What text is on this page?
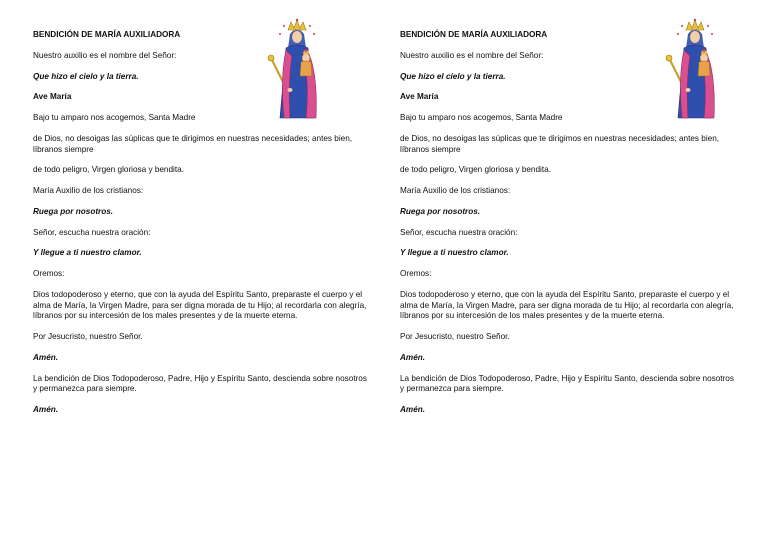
BENDICIÓN DE MARÍA AUXILIADORA

Nuestro auxilio es el nombre del Señor:

Que hizo el cielo y la tierra.

Ave María

Bajo tu amparo nos acogemos, Santa Madre

de Dios, no desoigas las súplicas que te dirigimos en nuestras necesidades; antes bien, líbranos siempre

de todo peligro, Virgen gloriosa y bendita.

María Auxilio de los cristianos:

Ruega por nosotros.

Señor, escucha nuestra oración:

Y llegue a ti nuestro clamor.

Oremos:

Dios todopoderoso y eterno, que con la ayuda del Espíritu Santo, preparaste el cuerpo y el alma de María, la Virgen Madre, para ser digna morada de tu Hijo; al recordarla con alegría, líbranos por su intercesión de los males presentes y de la muerte eterna.

Por Jesucristo, nuestro Señor.

Amén.

La bendición de Dios Todopoderoso, Padre, Hijo y Espíritu Santo, descienda sobre nosotros y permanezca para siempre.

Amén.

BENDICIÓN DE MARÍA AUXILIADORA

Nuestro auxilio es el nombre del Señor:

Que hizo el cielo y la tierra.

Ave María

Bajo tu amparo nos acogemos, Santa Madre

de Dios, no desoigas las súplicas que te dirigimos en nuestras necesidades; antes bien, líbranos siempre

de todo peligro, Virgen gloriosa y bendita.

María Auxilio de los cristianos:

Ruega por nosotros.

Señor, escucha nuestra oración:

Y llegue a ti nuestro clamor.

Oremos:

Dios todopoderoso y eterno, que con la ayuda del Espíritu Santo, preparaste el cuerpo y el alma de María, la Virgen Madre, para ser digna morada de tu Hijo; al recordarla con alegría, líbranos por su intercesión de los males presentes y de la muerte eterna.

Por Jesucristo, nuestro Señor.

Amén.

La bendición de Dios Todopoderoso, Padre, Hijo y Espíritu Santo, descienda sobre nosotros y permanezca para siempre.

Amén.
